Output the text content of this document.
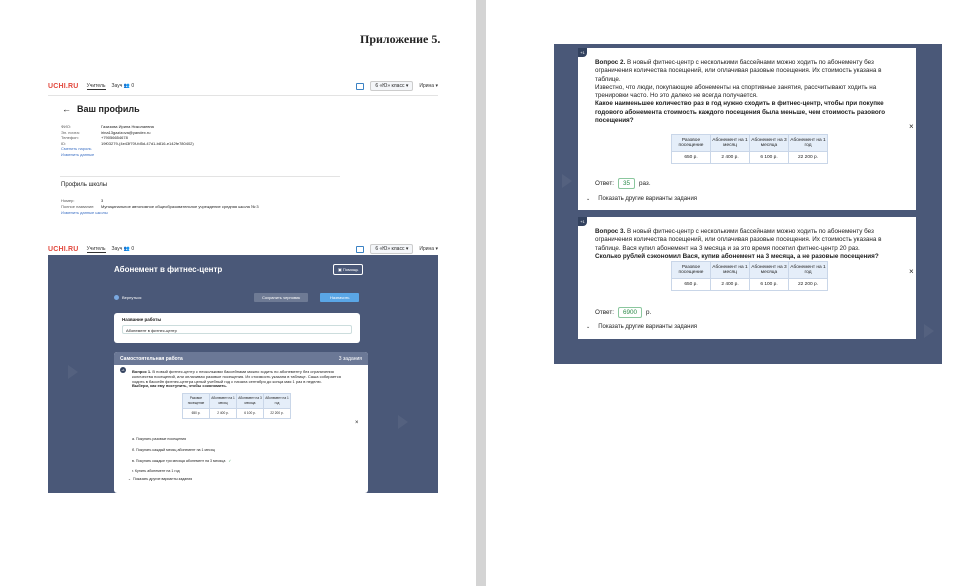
Приложение 5.
UCHI.RU Учитель Зауч 👥 0	6 «Ю» класс ▾	Ирина ▾
← Ваш профиль
ФИО:	Газизова Ирина Николаевна
Эл. почта:	irina13gazizova@yandex.ru
Телефон:	+79056654678
ID:	19f03279-(4e43f70f-fd5d-47d1-b816-e142fe780402)
Сменить пароль
Изменить данные
Профиль школы
Номер:	3
Полное название:	Муниципальное автономное общеобразовательное учреждение средняя школа № 3
Изменить данные школы
UCHI.RU Учитель Зауч 👥 0	6 «Ю» класс ▾	Ирина ▾
Абонемент в фитнес-центр	▣ Помощь
Вернуться	Сохранить черновик	Назначить
Название работы
Абонемент в фитнес-центр
Самостоятельная работа	3 задания
+1	Вопрос 1. В новый фитнес-центр с несколькими бассейнами можно ходить по абонементу без ограничения количества посещений, или оплачивая разовые посещения. Их стоимость указана в таблице. Саша собирается ходить в бассейн фитнес-центра целый учебный год с начала сентября до конца мая 1 раз в неделю.
Выбери, как ему поступить, чтобы сэкономить.
Разовое посещение	Абонемент на 1 месяц	Абонемент на 3 месяца	Абонемент на 1 год
650 р.	2 400 р.	6 100 р.	22 200 р.
×
а. Покупать разовые посещения
б. Покупать каждый месяц абонемент на 1 месяц
в. Покупать каждые три месяца абонемент на 3 месяца ✓
г. Купить абонемент на 1 год
⌄ Показать другие варианты задания
+1
Вопрос 2. В новый фитнес-центр с несколькими бассейнами можно ходить по абонементу без ограничения количества посещений, или оплачивая разовые посещения. Их стоимость указана в таблице.
Известно, что люди, покупающие абонементы на спортивные занятия, рассчитывают ходить на тренировки часто. Но это далеко не всегда получается.
Какое наименьшее количество раз в год нужно сходить в фитнес-центр, чтобы при покупке годового абонемента стоимость каждого посещения была меньше, чем стоимость разового посещения?
Разовое посещение	Абонемент на 1 месяц	Абонемент на 3 месяца	Абонемент на 1 год
650 р.	2 400 р.	6 100 р.	22 200 р.
×
Ответ:	35	раз.
⌄ Показать другие варианты задания
+1
Вопрос 3. В новый фитнес-центр с несколькими бассейнами можно ходить по абонементу без ограничения количества посещений, или оплачивая разовые посещения. Их стоимость указана в таблице. Вася купил абонемент на 3 месяца и за это время посетил фитнес-центр 20 раз.
Сколько рублей сэкономил Вася, купив абонемент на 3 месяца, а не разовые посещения?
Разовое посещение	Абонемент на 1 месяц	Абонемент на 3 месяца	Абонемент на 1 год
650 р.	2 400 р.	6 100 р.	22 200 р.
×
Ответ:	6900	р.
⌄ Показать другие варианты задания
